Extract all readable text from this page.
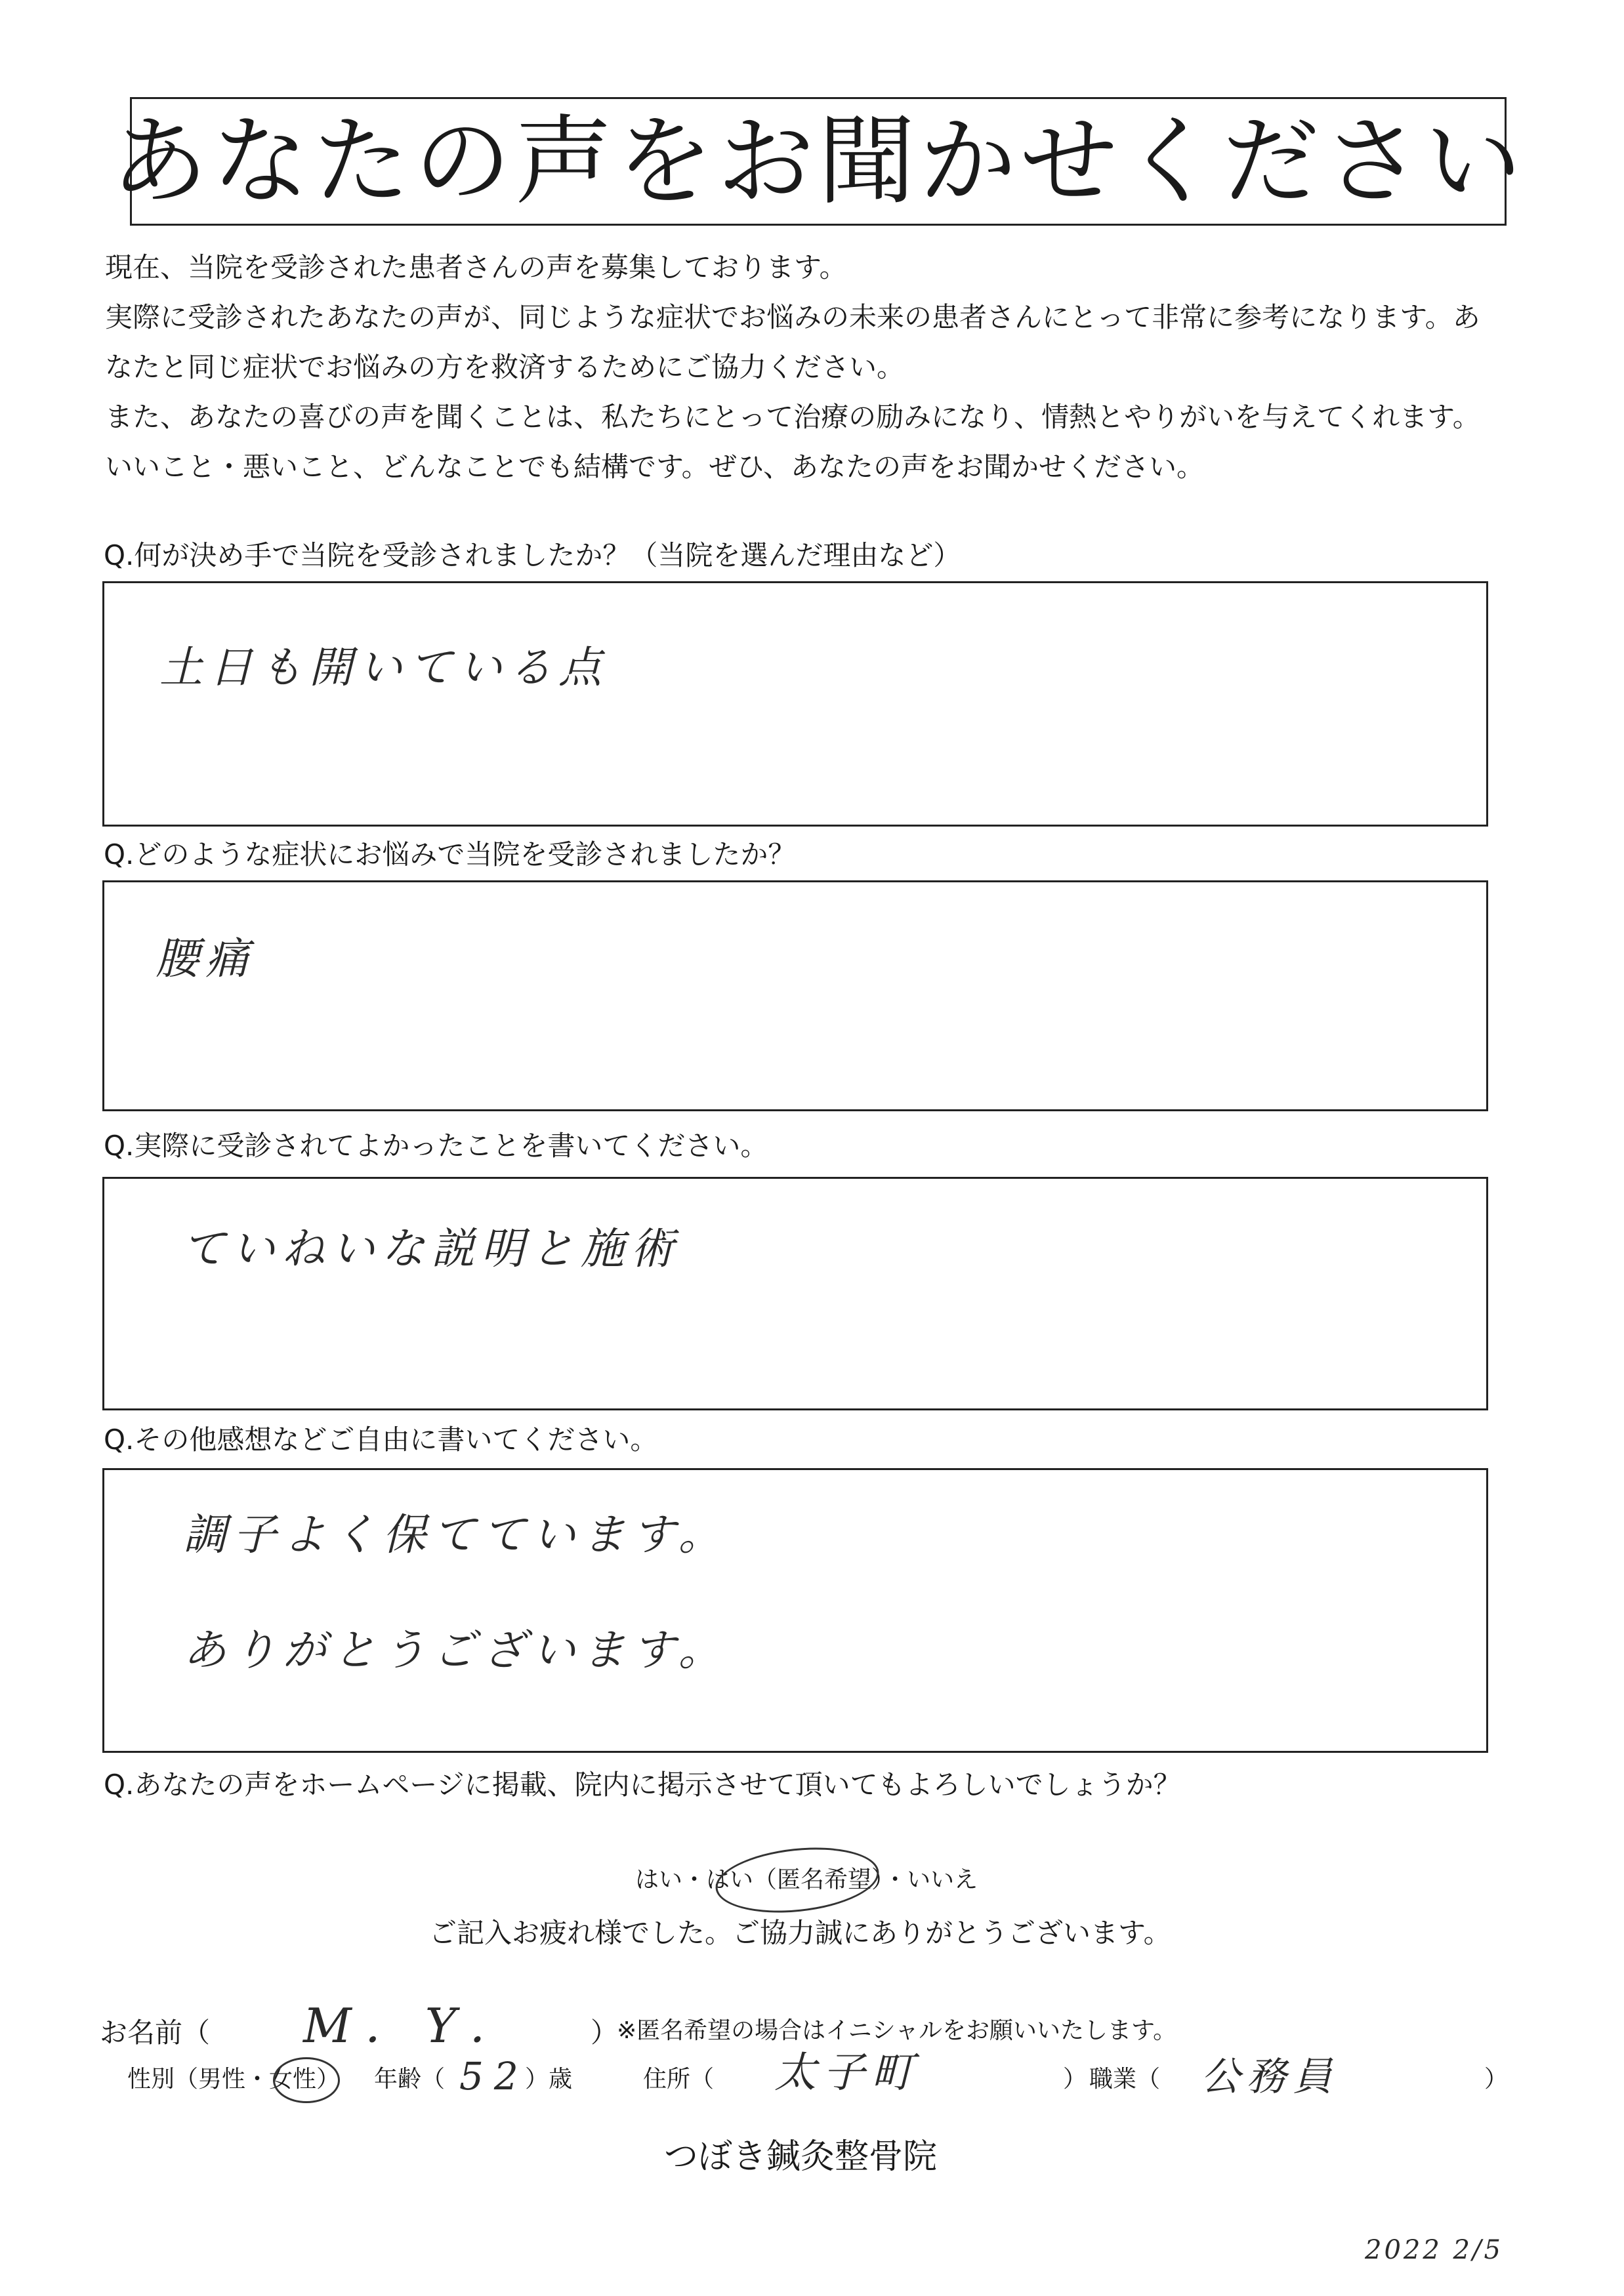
あなたの声をお聞かせください

現在、当院を受診された患者さんの声を募集しております。

実際に受診されたあなたの声が、同じような症状でお悩みの未来の患者さんにとって非常に参考になります。あ

なたと同じ症状でお悩みの方を救済するためにご協力ください。

また、あなたの喜びの声を聞くことは、私たちにとって治療の励みになり、情熱とやりがいを与えてくれます。

いいこと・悪いこと、どんなことでも結構です。ぜひ、あなたの声をお聞かせください。

Q.何が決め手で当院を受診されましたか？（当院を選んだ理由など）
土日も開いている点
Q.どのような症状にお悩みで当院を受診されましたか？
腰痛
Q.実際に受診されてよかったことを書いてください。
ていねいな説明と施術
Q.その他感想などご自由に書いてください。
調子よく保てています。
ありがとうございます。
Q.あなたの声をホームページに掲載、院内に掲示させて頂いてもよろしいでしょうか？
はい・はい（匿名希望）・いいえ
ご記入お疲れ様でした。ご協力誠にありがとうございます。
お名前（ M．Y． ）
※匿名希望の場合はイニシャルをお願いいたします。
性別（男性・女性） 年齢（ 52
）歳	住所（ 太子町	） 職業（ 公務員	）
つぼき鍼灸整骨院
2022 2/5
